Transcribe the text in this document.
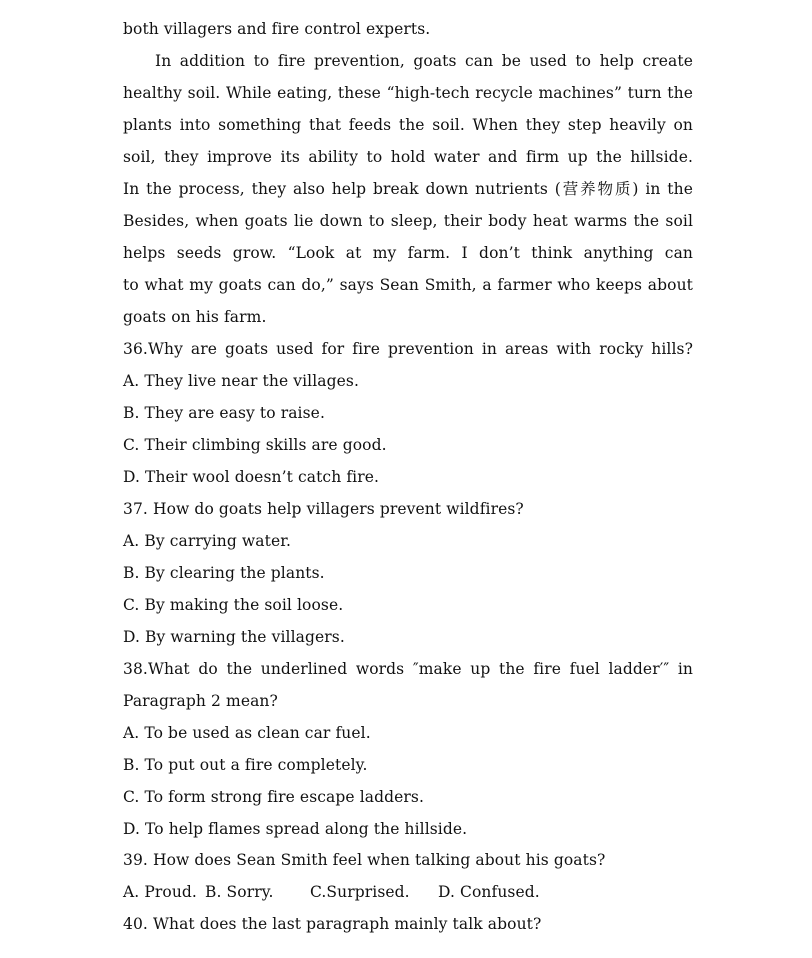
both villagers and fire control experts.
In addition to fire prevention, goats can be used to help create
healthy soil. While eating, these “high-tech recycle machines” turn the
plants into something that feeds the soil. When they step heavily on
soil, they improve its ability to hold water and firm up the hillside.
In the process, they also help break down nutrients (营养物质) in the
Besides, when goats lie down to sleep, their body heat warms the soil
helps seeds grow. “Look at my farm. I don’t think anything can
to what my goats can do,” says Sean Smith, a farmer who keeps about
goats on his farm.
36.Why are goats used for fire prevention in areas with rocky hills?
A. They live near the villages.
B. They are easy to raise.
C. Their climbing skills are good.
D. Their wool doesn’t catch fire.
37. How do goats help villagers prevent wildfires?
A. By carrying water.
B. By clearing the plants.
C. By making the soil loose.
D. By warning the villagers.
38.What do the underlined words ″make up the fire fuel ladder′″ in
Paragraph 2 mean?
A. To be used as clean car fuel.
B. To put out a fire completely.
C. To form strong fire escape ladders.
D. To help flames spread along the hillside.
39. How does Sean Smith feel when talking about his goats?
A. Proud. B. Sorry. C.Surprised. D. Confused.
40. What does the last paragraph mainly talk about?
